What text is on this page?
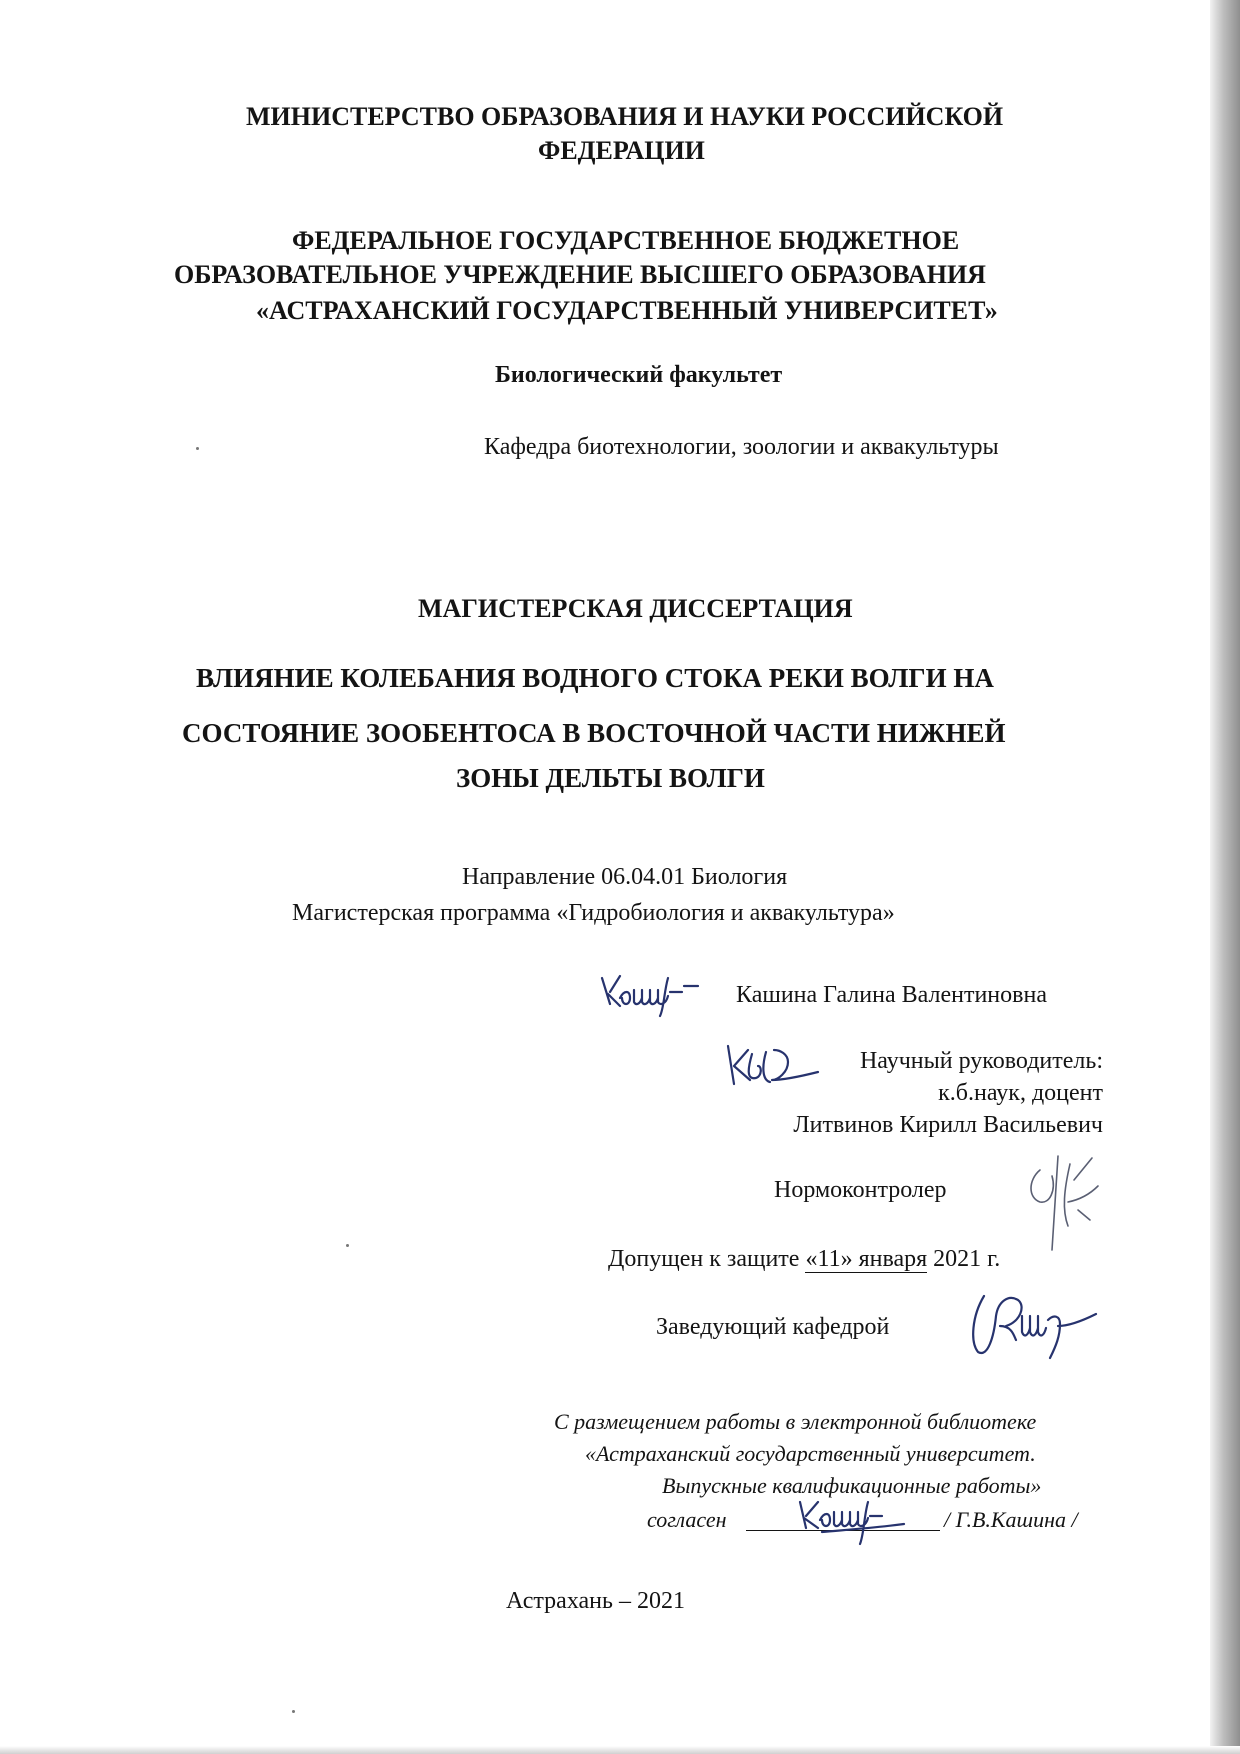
МИНИСТЕРСТВО ОБРАЗОВАНИЯ И НАУКИ РОССИЙСКОЙ
ФЕДЕРАЦИИ
ФЕДЕРАЛЬНОЕ ГОСУДАРСТВЕННОЕ БЮДЖЕТНОЕ
ОБРАЗОВАТЕЛЬНОЕ УЧРЕЖДЕНИЕ ВЫСШЕГО ОБРАЗОВАНИЯ
«АСТРАХАНСКИЙ ГОСУДАРСТВЕННЫЙ УНИВЕРСИТЕТ»
Биологический факультет
Кафедра биотехнологии, зоологии и аквакультуры
МАГИСТЕРСКАЯ ДИССЕРТАЦИЯ
ВЛИЯНИЕ КОЛЕБАНИЯ ВОДНОГО СТОКА РЕКИ ВОЛГИ НА
СОСТОЯНИЕ ЗООБЕНТОСА В ВОСТОЧНОЙ ЧАСТИ НИЖНЕЙ
ЗОНЫ ДЕЛЬТЫ ВОЛГИ
Направление 06.04.01 Биология
Магистерская программа «Гидробиология и аквакультура»
Кашина Галина Валентиновна
Научный руководитель:
к.б.наук, доцент
Литвинов Кирилл Васильевич
Нормоконтролер
Допущен к защите «11» января 2021 г.
Заведующий кафедрой
С размещением работы в электронной библиотеке
«Астраханский государственный университет.
Выпускные квалификационные работы»
согласен	/ Г.В.Кашина /
Астрахань – 2021
